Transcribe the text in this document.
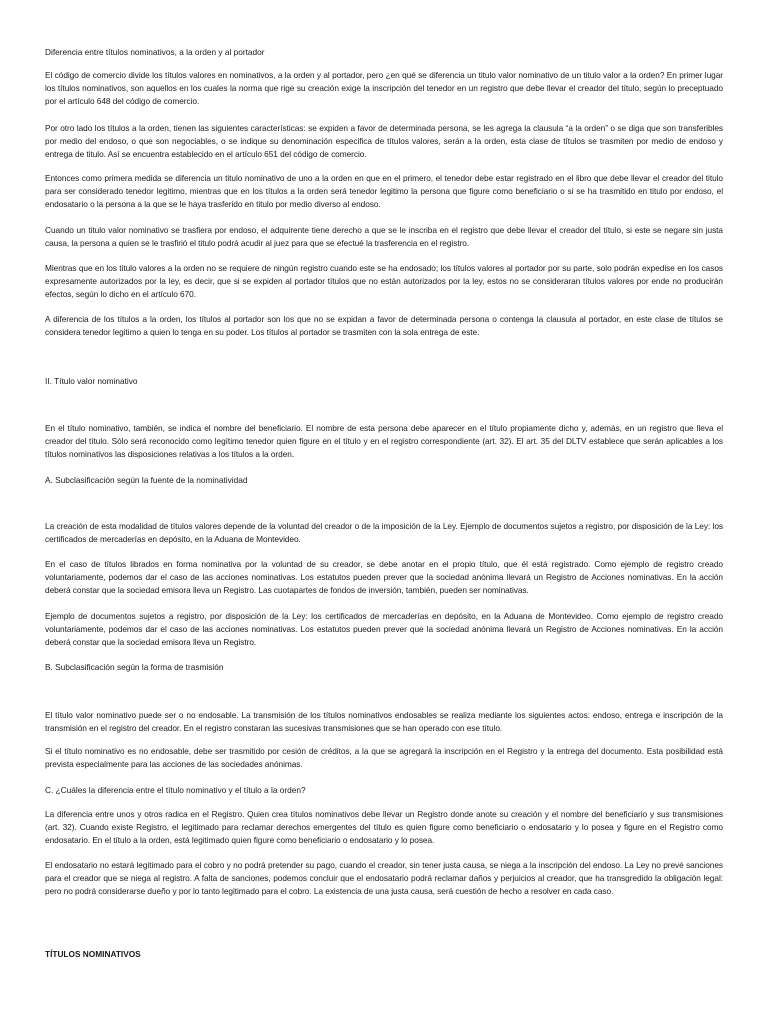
Diferencia entre títulos nominativos, a la orden y al portador

El código de comercio divide los títulos valores en nominativos, a la orden y al portador, pero ¿en qué se diferencia un titulo valor nominativo de un titulo valor a la orden? En primer lugar los títulos nominativos, son aquellos en los cuales la norma que rige su creación exige la inscripción del tenedor en un registro que debe llevar el creador del título, según lo preceptuado por el artículo 648 del código de comercio.

Por otro lado los títulos a la orden, tienen las siguientes características: se expiden a favor de determinada persona, se les agrega la clausula “a la orden” o se diga que son transferibles por medio del endoso, o que son negociables, o se indique su denominación especifica de títulos valores, serán a la orden, esta clase de títulos se trasmiten por medio de endoso y entrega de titulo. Así se encuentra establecido en el artículo 651 del código de comercio.

Entonces como primera medida se diferencia un titulo nominativo de uno a la orden en que en el primero, el tenedor debe estar registrado en el libro que debe llevar el creador del titulo para ser considerado tenedor legitimo, mientras que en los títulos a la orden será tenedor legitimo la persona que figure como beneficiario o si se ha trasmitido en titulo por endoso, el endosatario o la persona a la que se le haya trasferido en titulo por medio diverso al endoso.

Cuando un titulo valor nominativo se trasfiera por endoso, el adquirente tiene derecho a que se le inscriba en el registro que debe llevar el creador del título, si este se negare sin justa causa, la persona a quien se le trasfirió el titulo podrá acudir al juez para que se efectué la trasferencia en el registro.

Mientras que en los titulo valores a la orden no se requiere de ningún registro cuando este se ha endosado; los títulos valores al portador por su parte, solo podrán expedise en los casos expresamente autorizados por la ley, es decir, que si se expiden al portador títulos que no están autorizados por la ley, estos no se consideraran títulos valores por ende no producirán efectos, según lo dicho en el artículo 670.

A diferencia de los títulos a la orden, los títulos al portador son los que no se expidan a favor de determinada persona o contenga la clausula al portador, en este clase de títulos se considera tenedor legitimo a quien lo tenga en su poder. Los títulos al portador se trasmiten con la sola entrega de este.

II. Título valor nominativo

En el título nominativo, también, se indica el nombre del beneficiario. El nombre de esta persona debe aparecer en el título propiamente dicho y, además, en un registro que lleva el creador del título. Sólo será reconocido como legítimo tenedor quien figure en el título y en el registro correspondiente (art. 32). El art. 35 del DLTV establece que serán aplicables a los títulos nominativos las disposiciones relativas a los títulos a la orden.

A. Subclasificación según la fuente de la nominatividad

La creación de esta modalidad de títulos valores depende de la voluntad del creador o de la imposición de la Ley. Ejemplo de documentos sujetos a registro, por disposición de la Ley: los certificados de mercaderías en depósito, en la Aduana de Montevideo.

En el caso de títulos librados en forma nominativa por la voluntad de su creador, se debe anotar en el propio título, que él está registrado. Como ejemplo de registro creado voluntariamente, podemos dar el caso de las acciones nominativas. Los estatutos pueden prever que la sociedad anónima llevará un Registro de Acciones nominativas. En la acción deberá constar que la sociedad emisora lleva un Registro. Las cuotapartes de fondos de inversión, también, pueden ser nominativas.

Ejemplo de documentos sujetos a registro, por disposición de la Ley: los certificados de mercaderías en depósito, en la Aduana de Montevideo. Como ejemplo de registro creado voluntariamente, podemos dar el caso de las acciones nominativas. Los estatutos pueden prever que la sociedad anónima llevará un Registro de Acciones nominativas. En la acción deberá constar que la sociedad emisora lleva un Registro.

B. Subclasificación según la forma de trasmisión

El título valor nominativo puede ser o no endosable. La transmisión de los títulos nominativos endosables se realiza mediante los siguientes actos: endoso, entrega e inscripción de la transmisión en el registro del creador. En el registro constaran las sucesivas transmisiones que se han operado con ese título.

Si el título nominativo es no endosable, debe ser trasmitido por cesión de créditos, a la que se agregará la inscripción en el Registro y la entrega del documento. Esta posibilidad está prevista especialmente para las acciones de las sociedades anónimas.

C. ¿Cuáles la diferencia entre el título nominativo y el título a la orden?

La diferencia entre unos y otros radica en el Registro. Quien crea títulos nominativos debe llevar un Registro donde anote su creación y el nombre del beneficiario y sus transmisiones (art. 32). Cuando existe Registro, el legitimado para reclamar derechos emergentes del título es quien figure como beneficiario o endosatario y lo posea y figure en el Registro como endosatario. En el título a la orden, está legitimado quien figure como beneficiario o endosatario y lo posea.

El endosatario no estará legitimado para el cobro y no podrá pretender su pago, cuando el creador, sin tener justa causa, se niega a la inscripción del endoso. La Ley no prevé sanciones para el creador que se niega al registro. A falta de sanciones, podemos concluir que el endosatario podrá reclamar daños y perjuicios al creador, que ha transgredido la obligación legal: pero no podrá considerarse dueño y por lo tanto legitimado para el cobro. La existencia de una justa causa, será cuestión de hecho a resolver en cada caso.

TÍTULOS NOMINATIVOS
